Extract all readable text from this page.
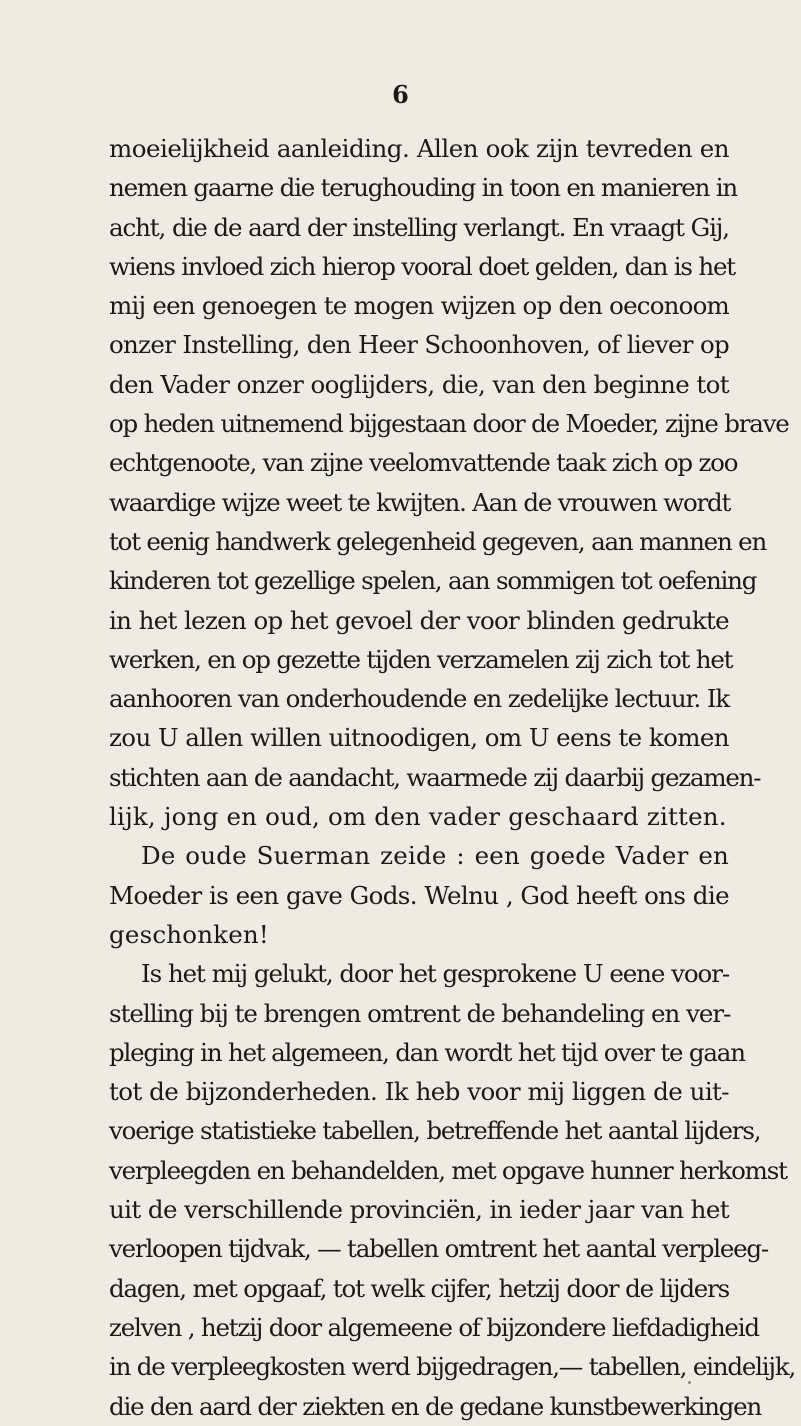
6
moeielijkheid aanleiding. Allen ook zijn tevreden en
nemen gaarne die terughouding in toon en manieren in
acht, die de aard der instelling verlangt. En vraagt Gij,
wiens invloed zich hierop vooral doet gelden, dan is het
mij een genoegen te mogen wijzen op den oeconoom
onzer Instelling, den Heer Schoonhoven, of liever op
den Vader onzer ooglijders, die, van den beginne tot
op heden uitnemend bijgestaan door de Moeder, zijne brave
echtgenoote, van zijne veelomvattende taak zich op zoo
waardige wijze weet te kwijten. Aan de vrouwen wordt
tot eenig handwerk gelegenheid gegeven, aan mannen en
kinderen tot gezellige spelen, aan sommigen tot oefening
in het lezen op het gevoel der voor blinden gedrukte
werken, en op gezette tijden verzamelen zij zich tot het
aanhooren van onderhoudende en zedelijke lectuur. Ik
zou U allen willen uitnoodigen, om U eens te komen
stichten aan de aandacht, waarmede zij daarbij gezamen-
lijk, jong en oud, om den vader geschaard zitten.
De oude Suerman zeide : een goede Vader en
Moeder is een gave Gods. Welnu , God heeft ons die
geschonken!
Is het mij gelukt, door het gesprokene U eene voor-
stelling bij te brengen omtrent de behandeling en ver-
pleging in het algemeen, dan wordt het tijd over te gaan
tot de bijzonderheden. Ik heb voor mij liggen de uit-
voerige statistieke tabellen, betreffende het aantal lijders,
verpleegden en behandelden, met opgave hunner herkomst
uit de verschillende provinciën, in ieder jaar van het
verloopen tijdvak, — tabellen omtrent het aantal verpleeg-
dagen, met opgaaf, tot welk cijfer, hetzij door de lijders
zelven , hetzij door algemeene of bijzondere liefdadigheid
in de verpleegkosten werd bijgedragen,— tabellen, eindelijk,
die den aard der ziekten en de gedane kunstbewerkingen
